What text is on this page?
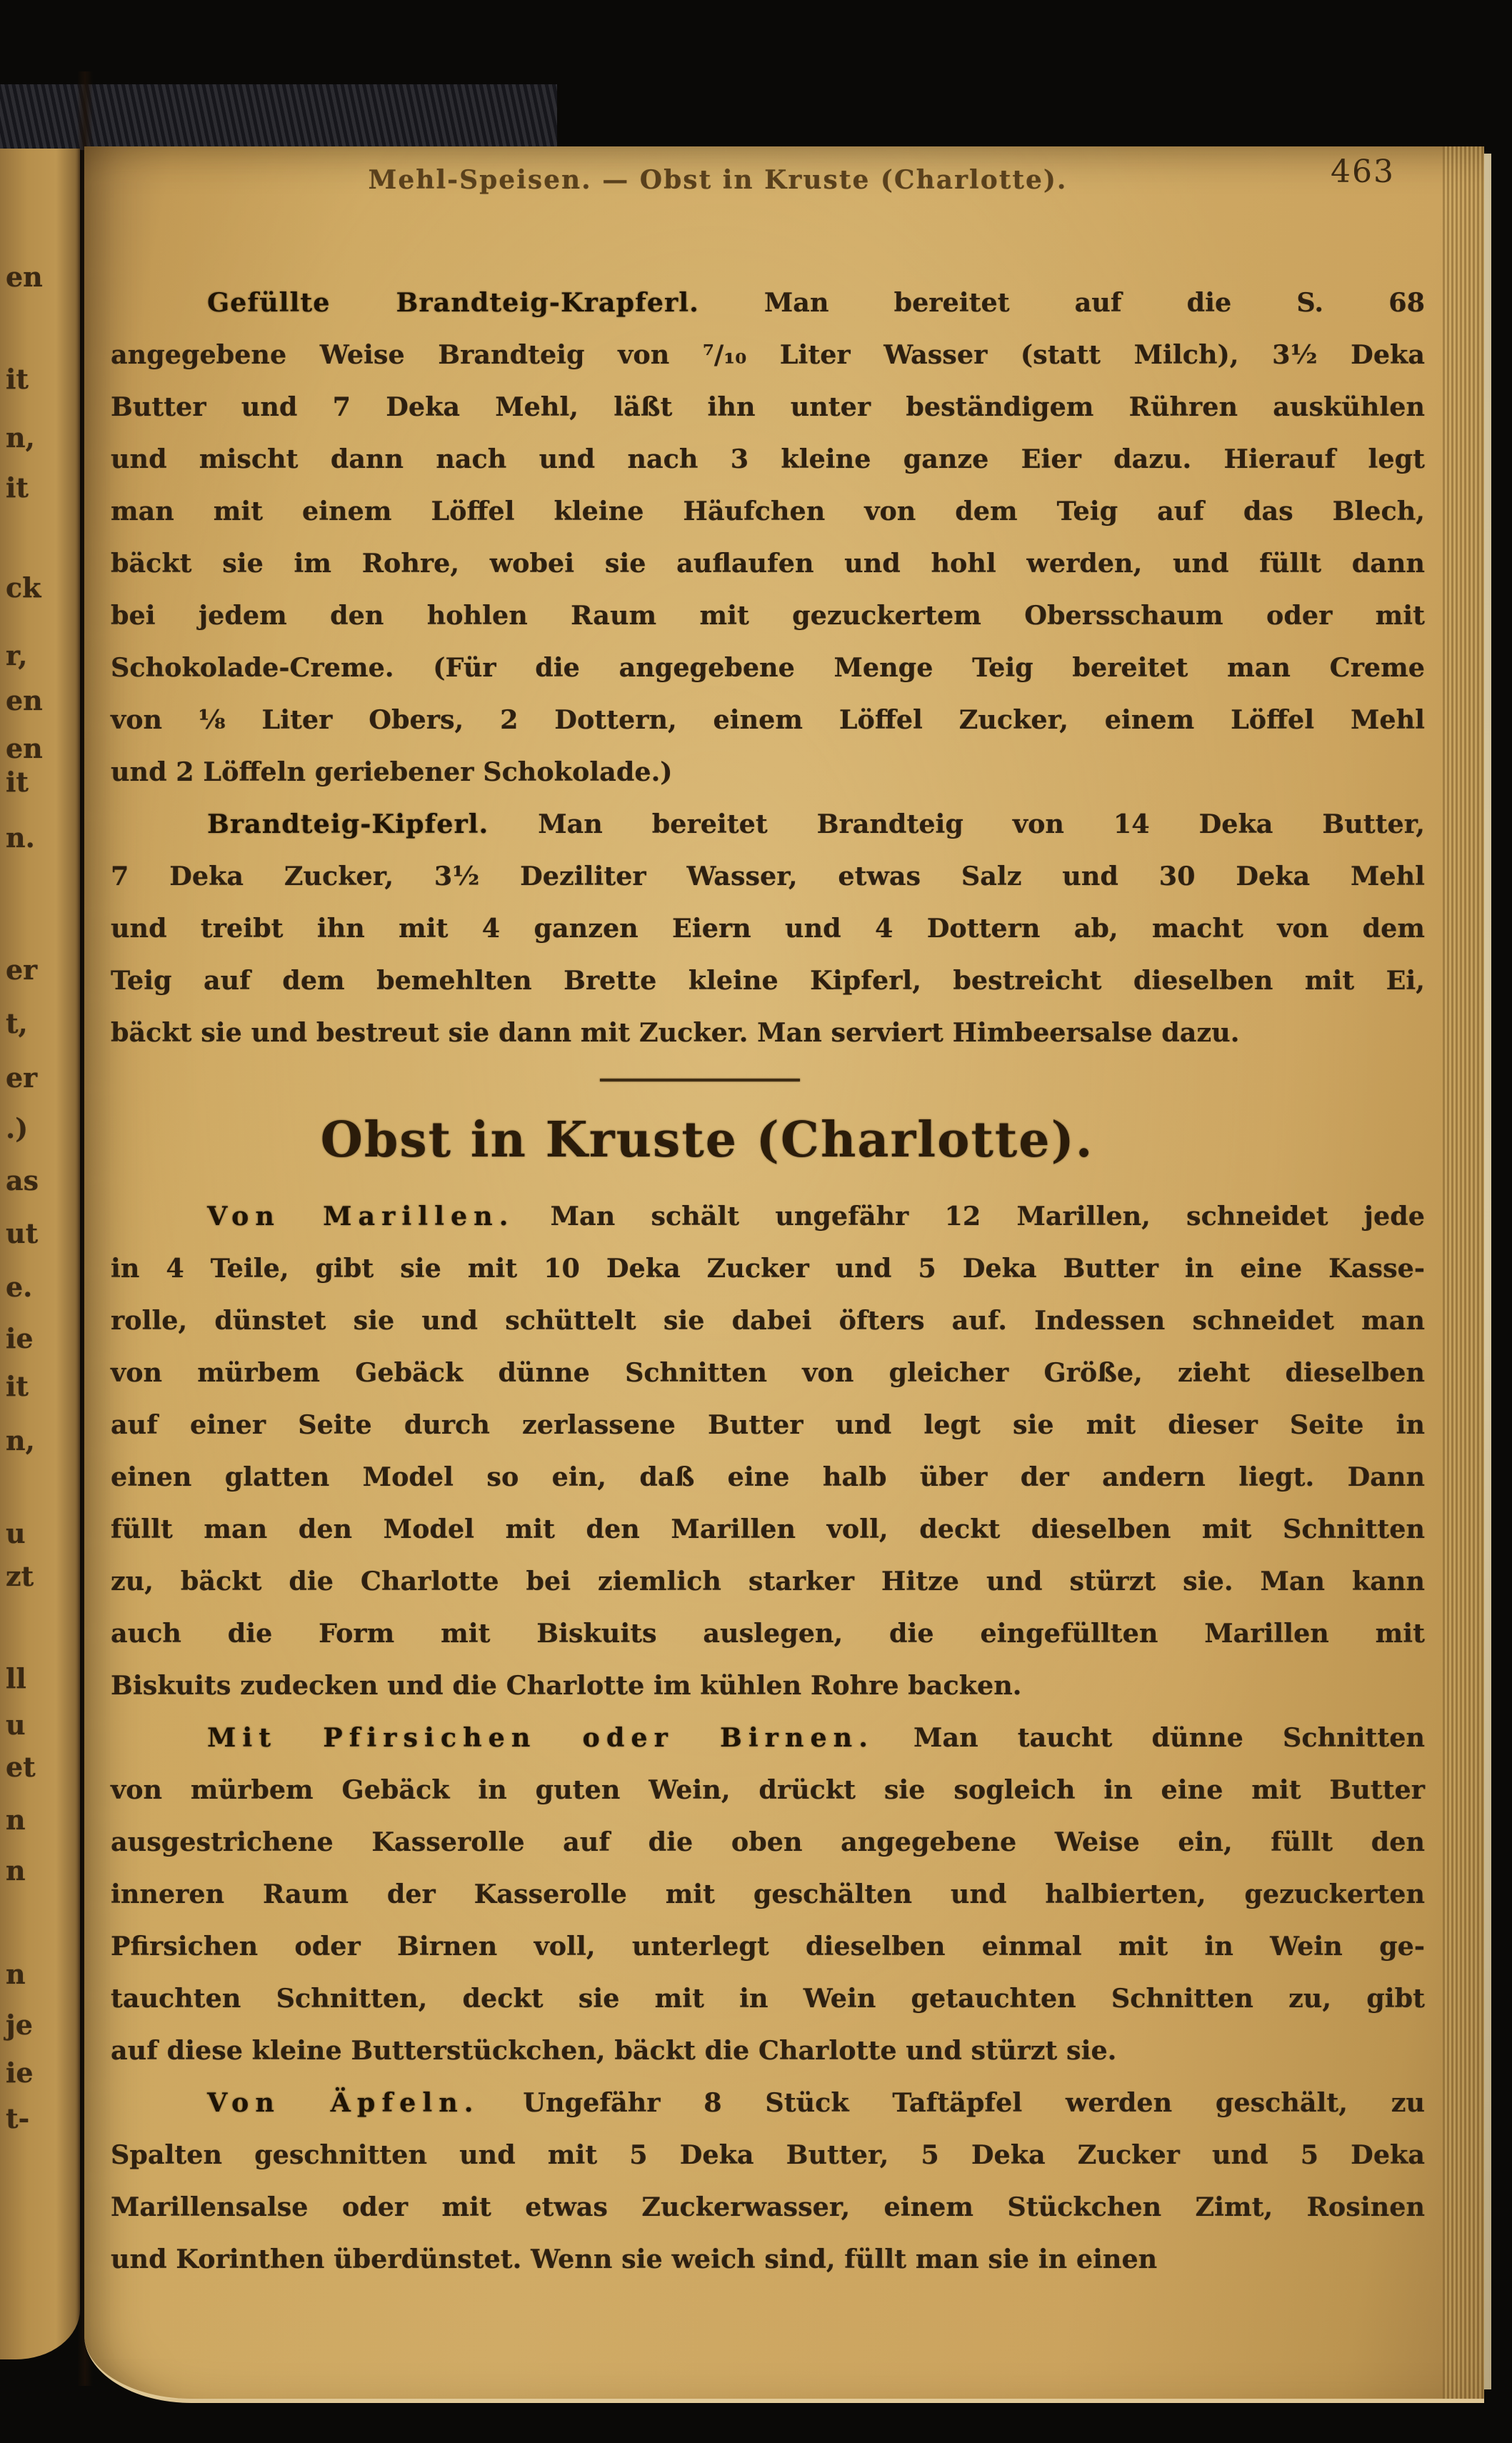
en
it
n,
it
ck
r,
en
en
it
n.
er
t,
er
.)
as
ut
e.
ie
it
n,
u
zt
ll
u
et
n
n
n
je
ie
t-
Mehl-Speisen. — Obst in Kruste (Charlotte).	463
Gefüllte Brandteig-Krapferl. Man bereitet auf die S. 68
angegebene Weise Brandteig von ⁷/₁₀ Liter Wasser (statt Milch), 3½ Deka
Butter und 7 Deka Mehl, läßt ihn unter beständigem Rühren auskühlen
und mischt dann nach und nach 3 kleine ganze Eier dazu. Hierauf legt
man mit einem Löffel kleine Häufchen von dem Teig auf das Blech,
bäckt sie im Rohre, wobei sie auflaufen und hohl werden, und füllt dann
bei jedem den hohlen Raum mit gezuckertem Obersschaum oder mit
Schokolade-Creme. (Für die angegebene Menge Teig bereitet man Creme
von ⅛ Liter Obers, 2 Dottern, einem Löffel Zucker, einem Löffel Mehl
und 2 Löffeln geriebener Schokolade.)
Brandteig-Kipferl. Man bereitet Brandteig von 14 Deka Butter,
7 Deka Zucker, 3½ Deziliter Wasser, etwas Salz und 30 Deka Mehl
und treibt ihn mit 4 ganzen Eiern und 4 Dottern ab, macht von dem
Teig auf dem bemehlten Brette kleine Kipferl, bestreicht dieselben mit Ei,
bäckt sie und bestreut sie dann mit Zucker. Man serviert Himbeersalse dazu.
Obst in Kruste (Charlotte).
Von Marillen. Man schält ungefähr 12 Marillen, schneidet jede
in 4 Teile, gibt sie mit 10 Deka Zucker und 5 Deka Butter in eine Kasse-
rolle, dünstet sie und schüttelt sie dabei öfters auf. Indessen schneidet man
von mürbem Gebäck dünne Schnitten von gleicher Größe, zieht dieselben
auf einer Seite durch zerlassene Butter und legt sie mit dieser Seite in
einen glatten Model so ein, daß eine halb über der andern liegt. Dann
füllt man den Model mit den Marillen voll, deckt dieselben mit Schnitten
zu, bäckt die Charlotte bei ziemlich starker Hitze und stürzt sie. Man kann
auch die Form mit Biskuits auslegen, die eingefüllten Marillen mit
Biskuits zudecken und die Charlotte im kühlen Rohre backen.
Mit Pfirsichen oder Birnen. Man taucht dünne Schnitten
von mürbem Gebäck in guten Wein, drückt sie sogleich in eine mit Butter
ausgestrichene Kasserolle auf die oben angegebene Weise ein, füllt den
inneren Raum der Kasserolle mit geschälten und halbierten, gezuckerten
Pfirsichen oder Birnen voll, unterlegt dieselben einmal mit in Wein ge-
tauchten Schnitten, deckt sie mit in Wein getauchten Schnitten zu, gibt
auf diese kleine Butterstückchen, bäckt die Charlotte und stürzt sie.
Von Äpfeln. Ungefähr 8 Stück Taftäpfel werden geschält, zu
Spalten geschnitten und mit 5 Deka Butter, 5 Deka Zucker und 5 Deka
Marillensalse oder mit etwas Zuckerwasser, einem Stückchen Zimt, Rosinen
und Korinthen überdünstet. Wenn sie weich sind, füllt man sie in einen
